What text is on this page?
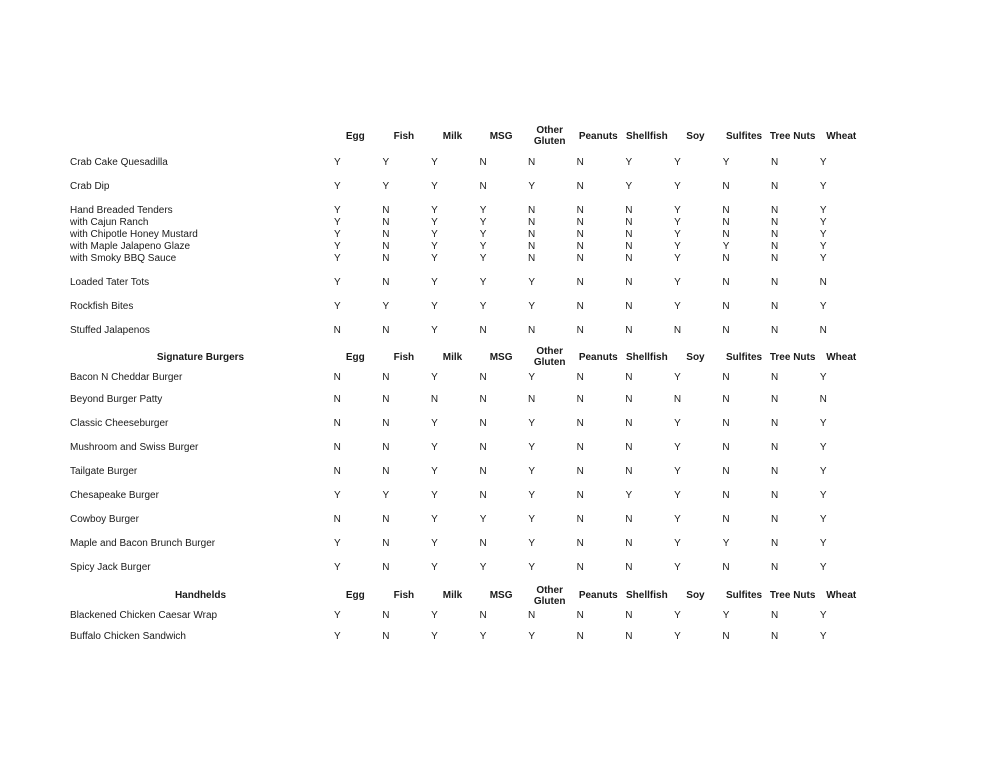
	Egg	Fish	Milk	MSG	Other Gluten	Peanuts	Shellfish	Soy	Sulfites	Tree Nuts	Wheat
Crab Cake Quesadilla	Y	Y	Y	N	N	N	Y	Y	Y	N	Y
Crab Dip	Y	Y	Y	N	Y	N	Y	Y	N	N	Y
Hand Breaded Tenders	Y	N	Y	Y	N	N	N	Y	N	N	Y
with Cajun Ranch	Y	N	Y	Y	N	N	N	Y	N	N	Y
with Chipotle Honey Mustard	Y	N	Y	Y	N	N	N	Y	N	N	Y
with Maple Jalapeno Glaze	Y	N	Y	Y	N	N	N	Y	Y	N	Y
with Smoky BBQ Sauce	Y	N	Y	Y	N	N	N	Y	N	N	Y
Loaded Tater Tots	Y	N	Y	Y	Y	N	N	Y	N	N	N
Rockfish Bites	Y	Y	Y	Y	Y	N	N	Y	N	N	Y
Stuffed Jalapenos	N	N	Y	N	N	N	N	N	N	N	N
Signature Burgers	Egg	Fish	Milk	MSG	Other Gluten	Peanuts	Shellfish	Soy	Sulfites	Tree Nuts	Wheat
Bacon N Cheddar Burger	N	N	Y	N	Y	N	N	Y	N	N	Y
Beyond Burger Patty	N	N	N	N	N	N	N	N	N	N	N
Classic Cheeseburger	N	N	Y	N	Y	N	N	Y	N	N	Y
Mushroom and Swiss Burger	N	N	Y	N	Y	N	N	Y	N	N	Y
Tailgate Burger	N	N	Y	N	Y	N	N	Y	N	N	Y
Chesapeake Burger	Y	Y	Y	N	Y	N	Y	Y	N	N	Y
Cowboy Burger	N	N	Y	Y	Y	N	N	Y	N	N	Y
Maple and Bacon Brunch Burger	Y	N	Y	N	Y	N	N	Y	Y	N	Y
Spicy Jack Burger	Y	N	Y	Y	Y	N	N	Y	N	N	Y
Handhelds	Egg	Fish	Milk	MSG	Other Gluten	Peanuts	Shellfish	Soy	Sulfites	Tree Nuts	Wheat
Blackened Chicken Caesar Wrap	Y	N	Y	N	N	N	N	Y	Y	N	Y
Buffalo Chicken Sandwich	Y	N	Y	Y	Y	N	N	Y	N	N	Y
